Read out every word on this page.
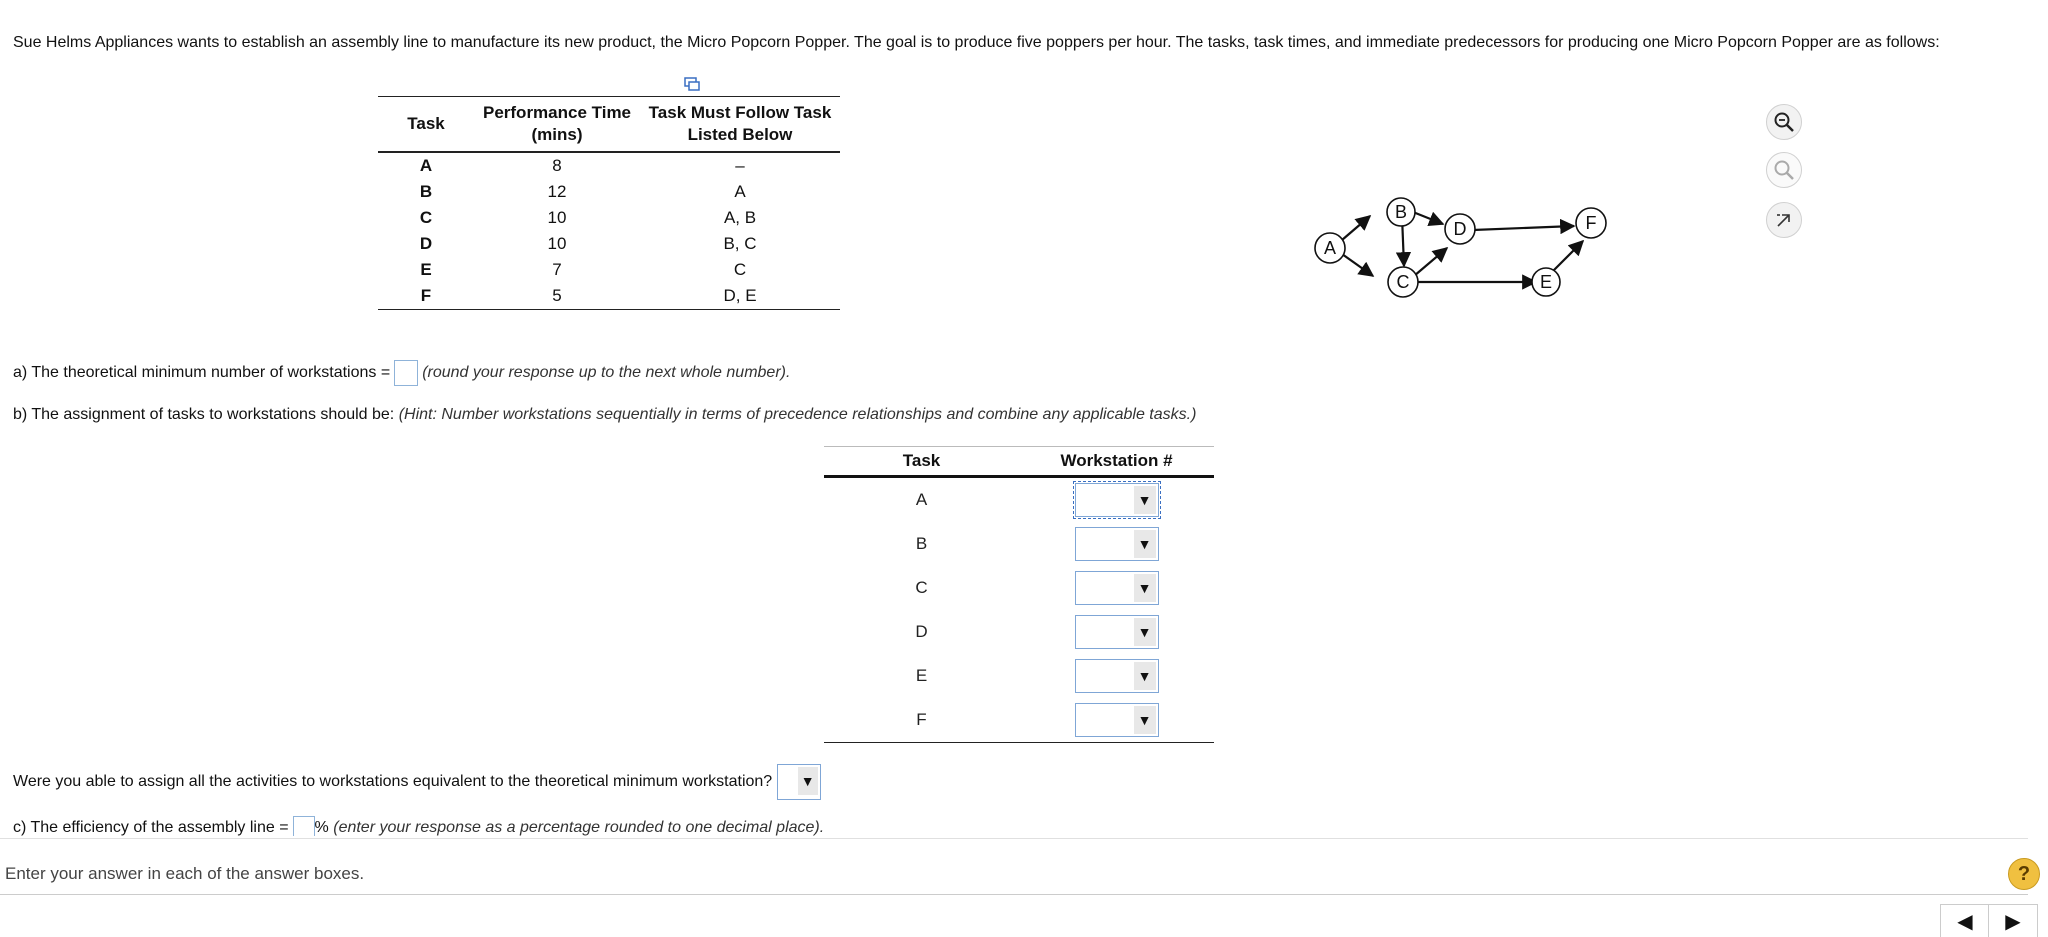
Sue Helms Appliances wants to establish an assembly line to manufacture its new product, the Micro Popcorn Popper. The goal is to produce five poppers per hour. The tasks, task times, and immediate predecessors for producing one Micro Popcorn Popper are as follows:
Task	Performance Time (mins)	Task Must Follow Task Listed Below
A	8	–
B	12	A
C	10	A, B
D	10	B, C
E	7	C
F	5	D, E
A
B
C
D
E
F
a) The theoretical minimum number of workstations = (round your response up to the next whole number).
b) The assignment of tasks to workstations should be: (Hint: Number workstations sequentially in terms of precedence relationships and combine any applicable tasks.)
Task	Workstation #
A	▼

B	▼

C	▼

D	▼

E	▼

F	▼
Were you able to assign all the activities to workstations equivalent to the theoretical minimum workstation? ▼
c) The efficiency of the assembly line = % (enter your response as a percentage rounded to one decimal place).
Enter your answer in each of the answer boxes.	?
◀	▶
